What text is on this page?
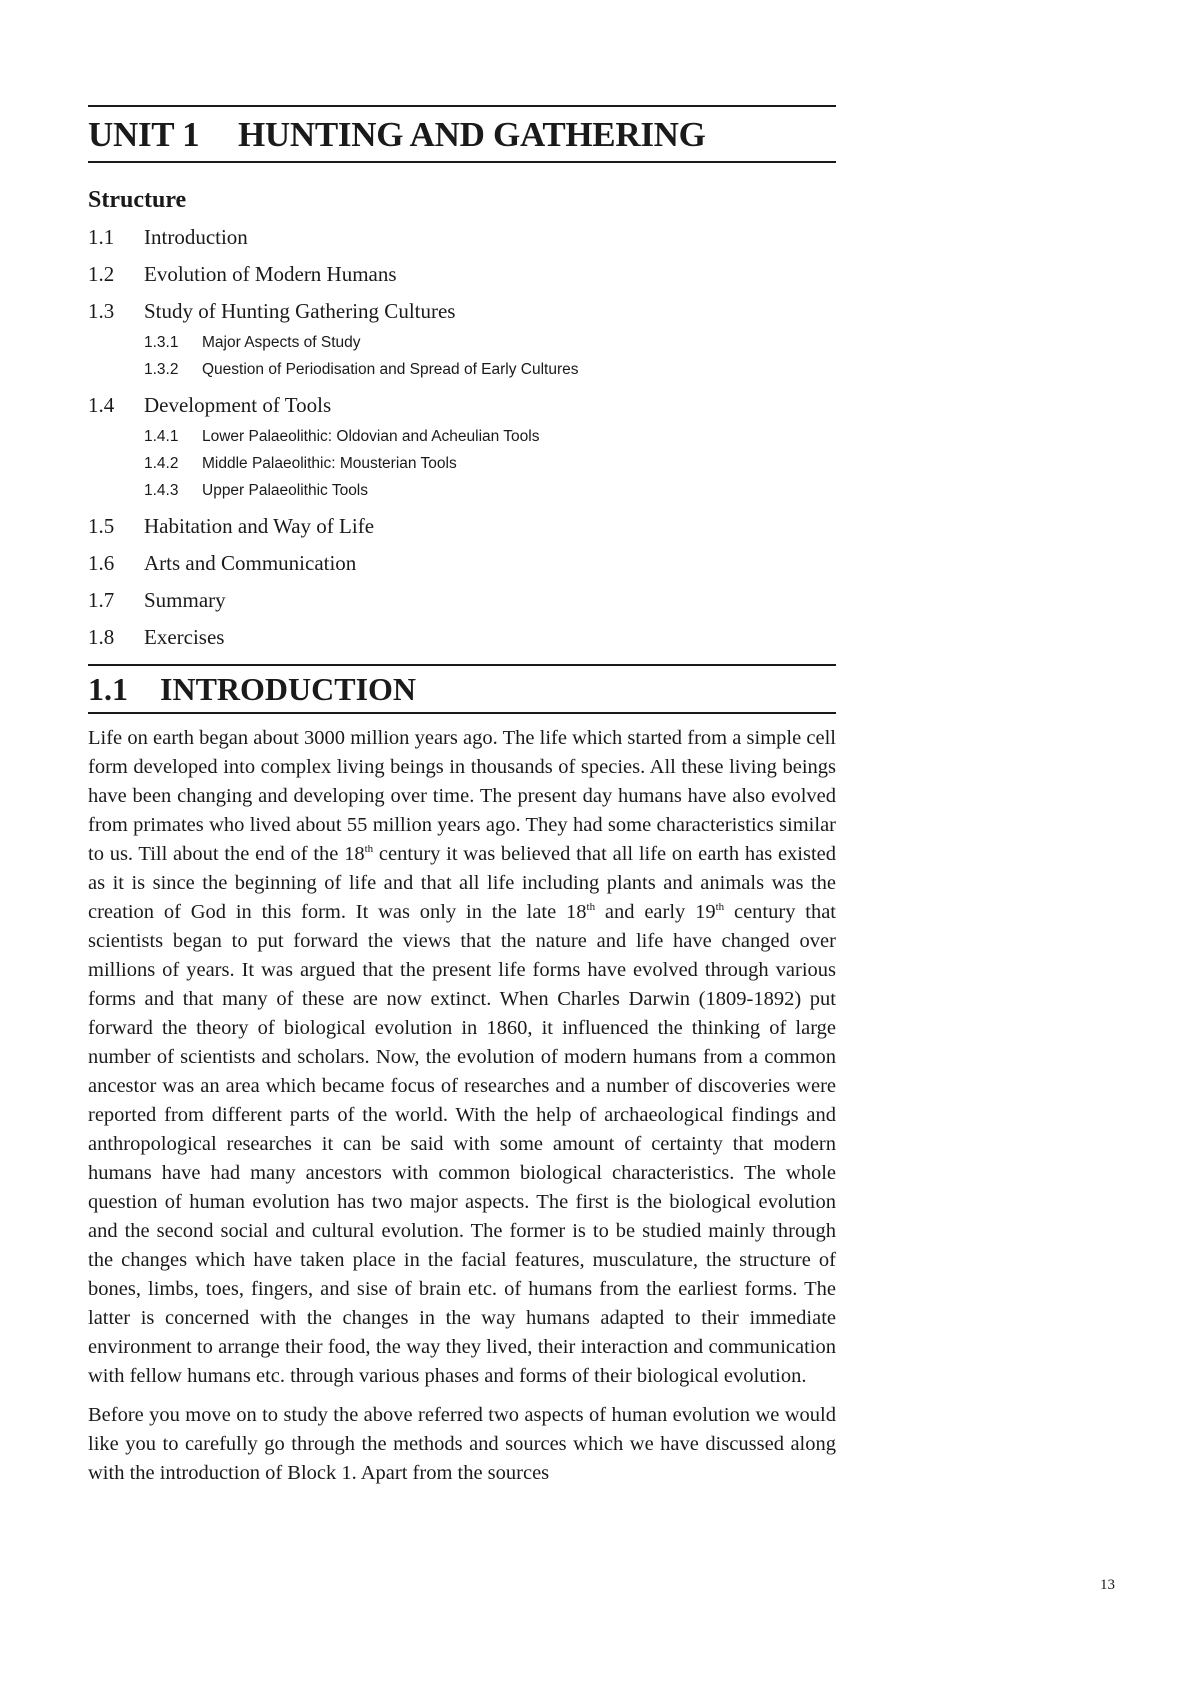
UNIT 1 HUNTING AND GATHERING
Structure
1.1	Introduction
1.2	Evolution of Modern Humans
1.3	Study of Hunting Gathering Cultures
1.3.1	Major Aspects of Study
1.3.2	Question of Periodisation and Spread of Early Cultures
1.4	Development of Tools
1.4.1	Lower Palaeolithic: Oldovian and Acheulian Tools
1.4.2	Middle Palaeolithic: Mousterian Tools
1.4.3	Upper Palaeolithic Tools
1.5	Habitation and Way of Life
1.6	Arts and Communication
1.7	Summary
1.8	Exercises
1.1 INTRODUCTION

Life on earth began about 3000 million years ago. The life which started from a simple cell form developed into complex living beings in thousands of species. All these living beings have been changing and developing over time. The present day humans have also evolved from primates who lived about 55 million years ago. They had some characteristics similar to us. Till about the end of the 18th century it was believed that all life on earth has existed as it is since the beginning of life and that all life including plants and animals was the creation of God in this form. It was only in the late 18th and early 19th century that scientists began to put forward the views that the nature and life have changed over millions of years. It was argued that the present life forms have evolved through various forms and that many of these are now extinct. When Charles Darwin (1809-1892) put forward the theory of biological evolution in 1860, it influenced the thinking of large number of scientists and scholars. Now, the evolution of modern humans from a common ancestor was an area which became focus of researches and a number of discoveries were reported from different parts of the world. With the help of archaeological findings and anthropological researches it can be said with some amount of certainty that modern humans have had many ancestors with common biological characteristics. The whole question of human evolution has two major aspects. The first is the biological evolution and the second social and cultural evolution. The former is to be studied mainly through the changes which have taken place in the facial features, musculature, the structure of bones, limbs, toes, fingers, and sise of brain etc. of humans from the earliest forms. The latter is concerned with the changes in the way humans adapted to their immediate environment to arrange their food, the way they lived, their interaction and communication with fellow humans etc. through various phases and forms of their biological evolution.

Before you move on to study the above referred two aspects of human evolution we would like you to carefully go through the methods and sources which we have discussed along with the introduction of Block 1. Apart from the sources

13
